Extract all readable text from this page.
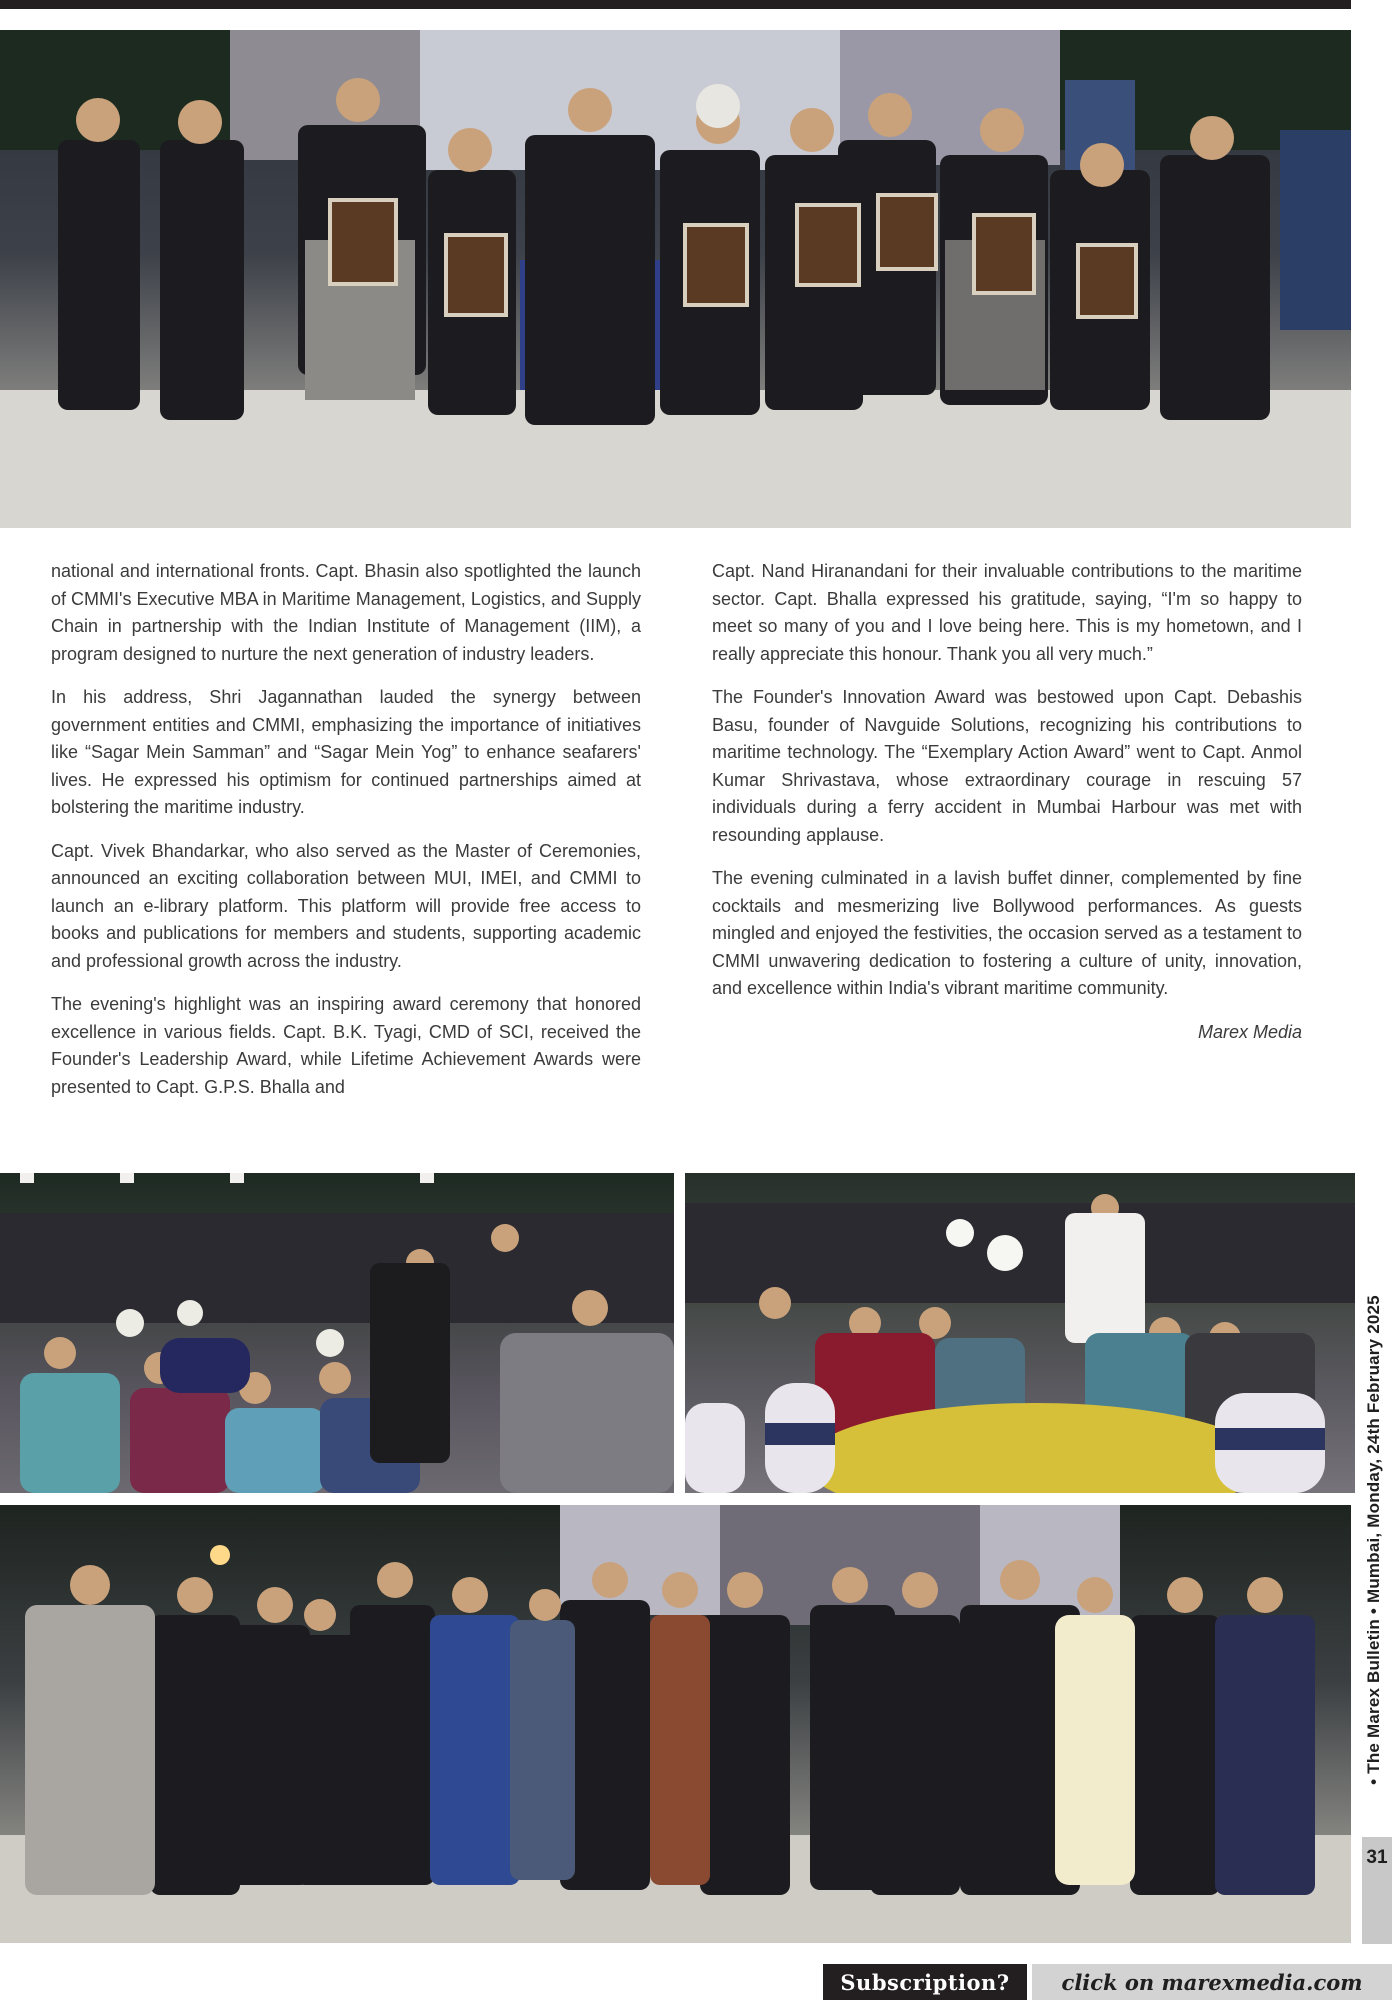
national and international fronts. Capt. Bhasin also spotlighted the launch of CMMI's Executive MBA in Maritime Management, Logistics, and Supply Chain in partnership with the Indian Institute of Management (IIM), a program designed to nurture the next generation of industry leaders.

In his address, Shri Jagannathan lauded the synergy between government entities and CMMI, emphasizing the importance of initiatives like “Sagar Mein Samman” and “Sagar Mein Yog” to enhance seafarers' lives. He expressed his optimism for continued partnerships aimed at bolstering the maritime industry.

Capt. Vivek Bhandarkar, who also served as the Master of Ceremonies, announced an exciting collaboration between MUI, IMEI, and CMMI to launch an e-library platform. This platform will provide free access to books and publications for members and students, supporting academic and professional growth across the industry.

The evening's highlight was an inspiring award ceremony that honored excellence in various fields. Capt. B.K. Tyagi, CMD of SCI, received the Founder's Leadership Award, while Lifetime Achievement Awards were presented to Capt. G.P.S. Bhalla and

Capt. Nand Hiranandani for their invaluable contributions to the maritime sector. Capt. Bhalla expressed his gratitude, saying, “I'm so happy to meet so many of you and I love being here. This is my hometown, and I really appreciate this honour. Thank you all very much.”

The Founder's Innovation Award was bestowed upon Capt. Debashis Basu, founder of Navguide Solutions, recognizing his contributions to maritime technology. The “Exemplary Action Award” went to Capt. Anmol Kumar Shrivastava, whose extraordinary courage in rescuing 57 individuals during a ferry accident in Mumbai Harbour was met with resounding applause.

The evening culminated in a lavish buffet dinner, complemented by fine cocktails and mesmerizing live Bollywood performances. As guests mingled and enjoyed the festivities, the occasion served as a testament to CMMI unwavering dedication to fostering a culture of unity, innovation, and excellence within India's vibrant maritime community.

Marex Media

• The Marex Bulletin • Mumbai, Monday, 24th February 2025
31
Subscription?	click on marexmedia.com
